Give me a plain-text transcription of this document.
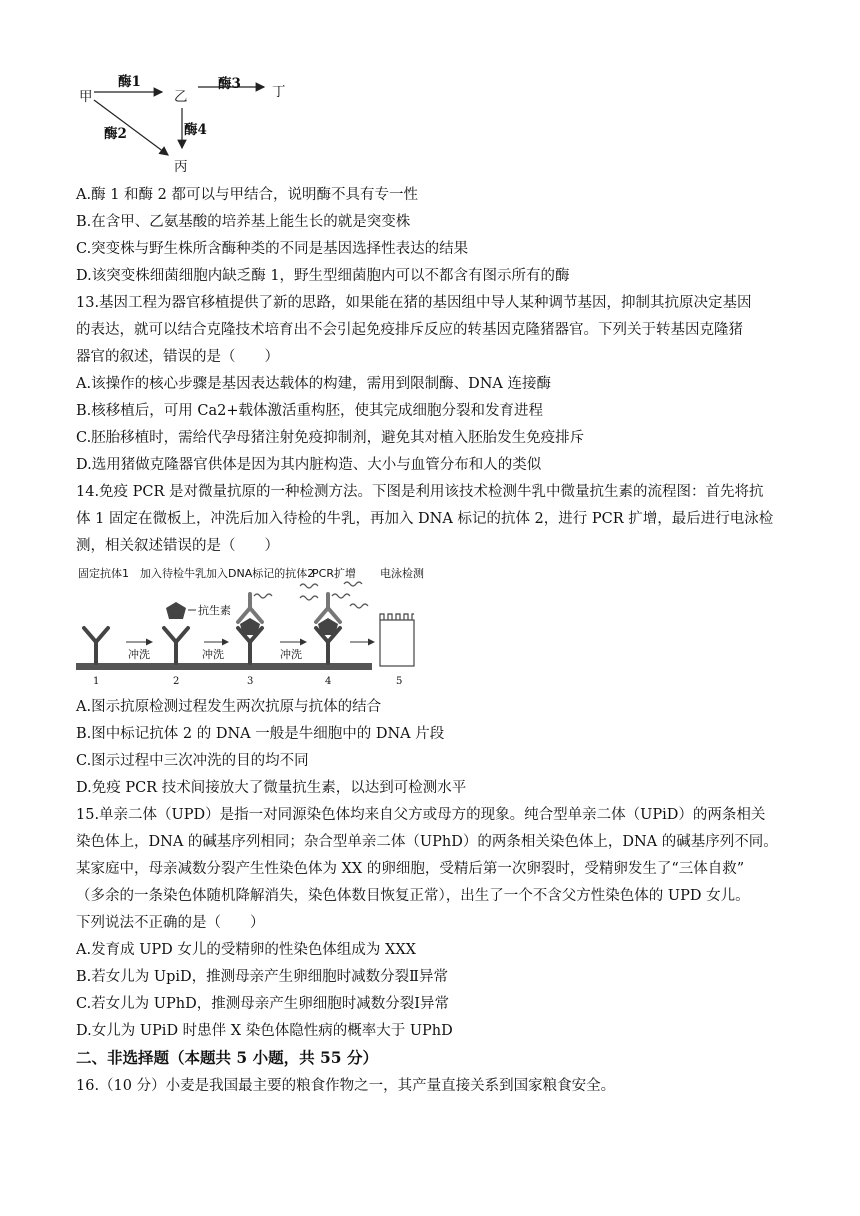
甲	乙	丁
丙
酶1	酶3
酶4
酶2
A.酶 1 和酶 2 都可以与甲结合，说明酶不具有专一性
B.在含甲、乙氨基酸的培养基上能生长的就是突变株
C.突变株与野生株所含酶种类的不同是基因选择性表达的结果
D.该突变株细菌细胞内缺乏酶 1，野生型细菌胞内可以不都含有图示所有的酶
13.基因工程为器官移植提供了新的思路，如果能在猪的基因组中导人某种调节基因，抑制其抗原决定基因
的表达，就可以结合克隆技术培育出不会引起免疫排斥反应的转基因克隆猪器官。下列关于转基因克隆猪
器官的叙述，错误的是（　　）
A.该操作的核心步骤是基因表达载体的构建，需用到限制酶、DNA 连接酶
B.核移植后，可用 Ca2+载体激活重构胚，使其完成细胞分裂和发育进程
C.胚胎移植时，需给代孕母猪注射免疫抑制剂，避免其对植入胚胎发生免疫排斥
D.选用猪做克隆器官供体是因为其内脏构造、大小与血管分布和人的类似
14.免疫 PCR 是对微量抗原的一种检测方法。下图是利用该技术检测牛乳中微量抗生素的流程图：首先将抗
体 1 固定在微板上，冲洗后加入待检的牛乳，再加入 DNA 标记的抗体 2，进行 PCR 扩增，最后进行电泳检
测，相关叙述错误的是（　　）
固定抗体1 加入待检牛乳 加入DNA标记的抗体2
PCR扩增 电泳检测
抗生素
冲洗	冲洗	冲洗
1	2	3	4	5
A.图示抗原检测过程发生两次抗原与抗体的结合
B.图中标记抗体 2 的 DNA 一般是牛细胞中的 DNA 片段
C.图示过程中三次冲洗的目的均不同
D.免疫 PCR 技术间接放大了微量抗生素，以达到可检测水平
15.单亲二体（UPD）是指一对同源染色体均来自父方或母方的现象。纯合型单亲二体（UPiD）的两条相关
染色体上，DNA 的碱基序列相同；杂合型单亲二体（UPhD）的两条相关染色体上，DNA 的碱基序列不同。
某家庭中，母亲减数分裂产生性染色体为 XX 的卵细胞，受精后第一次卵裂时，受精卵发生了“三体自救”
（多余的一条染色体随机降解消失，染色体数目恢复正常），出生了一个不含父方性染色体的 UPD 女儿。
下列说法不正确的是（　　）
A.发育成 UPD 女儿的受精卵的性染色体组成为 XXX
B.若女儿为 UpiD，推测母亲产生卵细胞时减数分裂Ⅱ异常
C.若女儿为 UPhD，推测母亲产生卵细胞时减数分裂Ⅰ异常
D.女儿为 UPiD 时患伴 X 染色体隐性病的概率大于 UPhD
二、非选择题（本题共 5 小题，共 55 分）
16.（10 分）小麦是我国最主要的粮食作物之一，其产量直接关系到国家粮食安全。
